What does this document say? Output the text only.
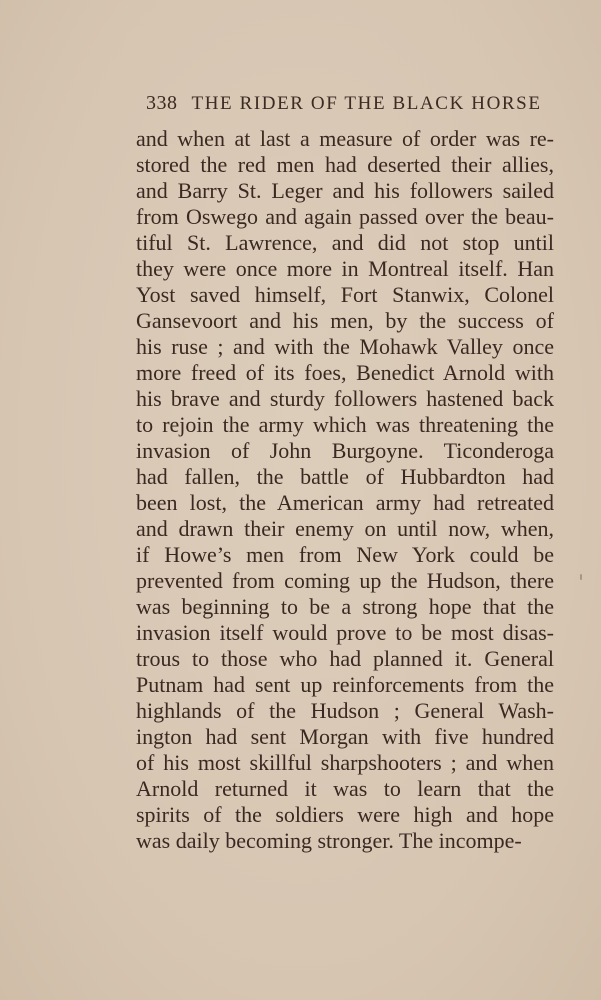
338 THE RIDER OF THE BLACK HORSE
and when at last a measure of order was re-
stored the red men had deserted their allies,
and Barry St. Leger and his followers sailed
from Oswego and again passed over the beau-
tiful St. Lawrence, and did not stop until
they were once more in Montreal itself. Han
Yost saved himself, Fort Stanwix, Colonel
Gansevoort and his men, by the success of
his ruse ; and with the Mohawk Valley once
more freed of its foes, Benedict Arnold with
his brave and sturdy followers hastened back
to rejoin the army which was threatening the
invasion of John Burgoyne. Ticonderoga
had fallen, the battle of Hubbardton had
been lost, the American army had retreated
and drawn their enemy on until now, when,
if Howe’s men from New York could be
prevented from coming up the Hudson, there
was beginning to be a strong hope that the
invasion itself would prove to be most disas-
trous to those who had planned it. General
Putnam had sent up reinforcements from the
highlands of the Hudson ; General Wash-
ington had sent Morgan with five hundred
of his most skillful sharpshooters ; and when
Arnold returned it was to learn that the
spirits of the soldiers were high and hope
was daily becoming stronger. The incompe-
